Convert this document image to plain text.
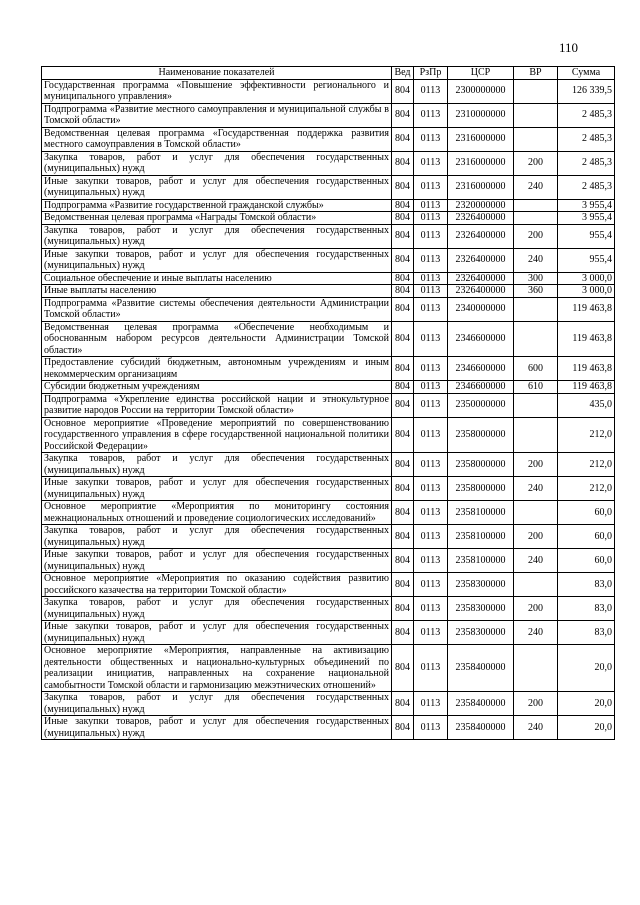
110
Наименование показателей	Вед	РзПр	ЦСР	ВР	Сумма
Государственная программа «Повышение эффективности регионального и муниципального управления»	804	0113	2300000000		126 339,5
Подпрограмма «Развитие местного самоуправления и муниципальной службы в Томской области»	804	0113	2310000000		2 485,3
Ведомственная целевая программа «Государственная поддержка развития местного самоуправления в Томской области»	804	0113	2316000000		2 485,3
Закупка товаров, работ и услуг для обеспечения государственных (муниципальных) нужд	804	0113	2316000000	200	2 485,3
Иные закупки товаров, работ и услуг для обеспечения государственных (муниципальных) нужд	804	0113	2316000000	240	2 485,3
Подпрограмма «Развитие государственной гражданской службы»	804	0113	2320000000		3 955,4
Ведомственная целевая программа «Награды Томской области»	804	0113	2326400000		3 955,4
Закупка товаров, работ и услуг для обеспечения государственных (муниципальных) нужд	804	0113	2326400000	200	955,4
Иные закупки товаров, работ и услуг для обеспечения государственных (муниципальных) нужд	804	0113	2326400000	240	955,4
Социальное обеспечение и иные выплаты населению	804	0113	2326400000	300	3 000,0
Иные выплаты населению	804	0113	2326400000	360	3 000,0
Подпрограмма «Развитие системы обеспечения деятельности Администрации Томской области»	804	0113	2340000000		119 463,8
Ведомственная целевая программа «Обеспечение необходимым и обоснованным набором ресурсов деятельности Администрации Томской области»	804	0113	2346600000		119 463,8
Предоставление субсидий бюджетным, автономным учреждениям и иным некоммерческим организациям	804	0113	2346600000	600	119 463,8
Субсидии бюджетным учреждениям	804	0113	2346600000	610	119 463,8
Подпрограмма «Укрепление единства российской нации и этнокультурное развитие народов России на территории Томской области»	804	0113	2350000000		435,0
Основное мероприятие «Проведение мероприятий по совершенствованию государственного управления в сфере государственной национальной политики Российской Федерации»	804	0113	2358000000		212,0
Закупка товаров, работ и услуг для обеспечения государственных (муниципальных) нужд	804	0113	2358000000	200	212,0
Иные закупки товаров, работ и услуг для обеспечения государственных (муниципальных) нужд	804	0113	2358000000	240	212,0
Основное мероприятие «Мероприятия по мониторингу состояния межнациональных отношений и проведение социологических исследований»	804	0113	2358100000		60,0
Закупка товаров, работ и услуг для обеспечения государственных (муниципальных) нужд	804	0113	2358100000	200	60,0
Иные закупки товаров, работ и услуг для обеспечения государственных (муниципальных) нужд	804	0113	2358100000	240	60,0
Основное мероприятие «Мероприятия по оказанию содействия развитию российского казачества на территории Томской области»	804	0113	2358300000		83,0
Закупка товаров, работ и услуг для обеспечения государственных (муниципальных) нужд	804	0113	2358300000	200	83,0
Иные закупки товаров, работ и услуг для обеспечения государственных (муниципальных) нужд	804	0113	2358300000	240	83,0
Основное мероприятие «Мероприятия, направленные на активизацию деятельности общественных и национально-культурных объединений по реализации инициатив, направленных на сохранение национальной самобытности Томской области и гармонизацию межэтнических отношений»	804	0113	2358400000		20,0
Закупка товаров, работ и услуг для обеспечения государственных (муниципальных) нужд	804	0113	2358400000	200	20,0
Иные закупки товаров, работ и услуг для обеспечения государственных (муниципальных) нужд	804	0113	2358400000	240	20,0
